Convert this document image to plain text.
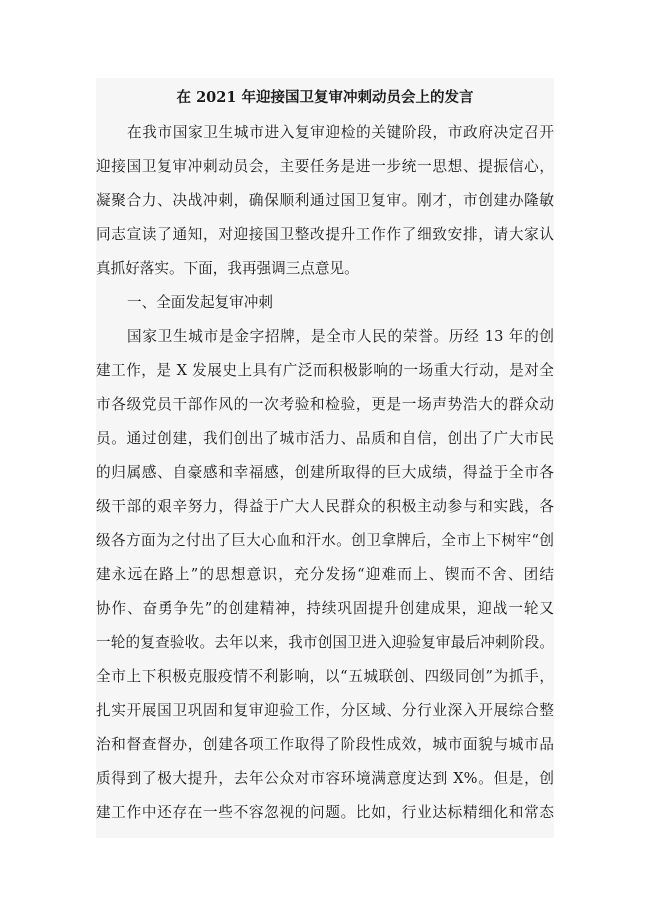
在 2021 年迎接国卫复审冲刺动员会上的发言
在我市国家卫生城市进入复审迎检的关键阶段，市政府决定召开
迎接国卫复审冲刺动员会，主要任务是进一步统一思想、提振信心，
凝聚合力、决战冲刺，确保顺利通过国卫复审。刚才，市创建办隆敏
同志宣读了通知，对迎接国卫整改提升工作作了细致安排，请大家认
真抓好落实。下面，我再强调三点意见。
一、全面发起复审冲刺
国家卫生城市是金字招牌，是全市人民的荣誉。历经 13 年的创
建工作，是 X 发展史上具有广泛而积极影响的一场重大行动，是对全
市各级党员干部作风的一次考验和检验，更是一场声势浩大的群众动
员。通过创建，我们创出了城市活力、品质和自信，创出了广大市民
的归属感、自豪感和幸福感，创建所取得的巨大成绩，得益于全市各
级干部的艰辛努力，得益于广大人民群众的积极主动参与和实践，各
级各方面为之付出了巨大心血和汗水。创卫拿牌后，全市上下树牢“创
建永远在路上”的思想意识，充分发扬“迎难而上、锲而不舍、团结
协作、奋勇争先”的创建精神，持续巩固提升创建成果，迎战一轮又
一轮的复查验收。去年以来，我市创国卫进入迎验复审最后冲刺阶段。
全市上下积极克服疫情不利影响，以“五城联创、四级同创”为抓手，
扎实开展国卫巩固和复审迎验工作，分区域、分行业深入开展综合整
治和督查督办，创建各项工作取得了阶段性成效，城市面貌与城市品
质得到了极大提升，去年公众对市容环境满意度达到 X%。但是，创
建工作中还存在一些不容忽视的问题。比如，行业达标精细化和常态
